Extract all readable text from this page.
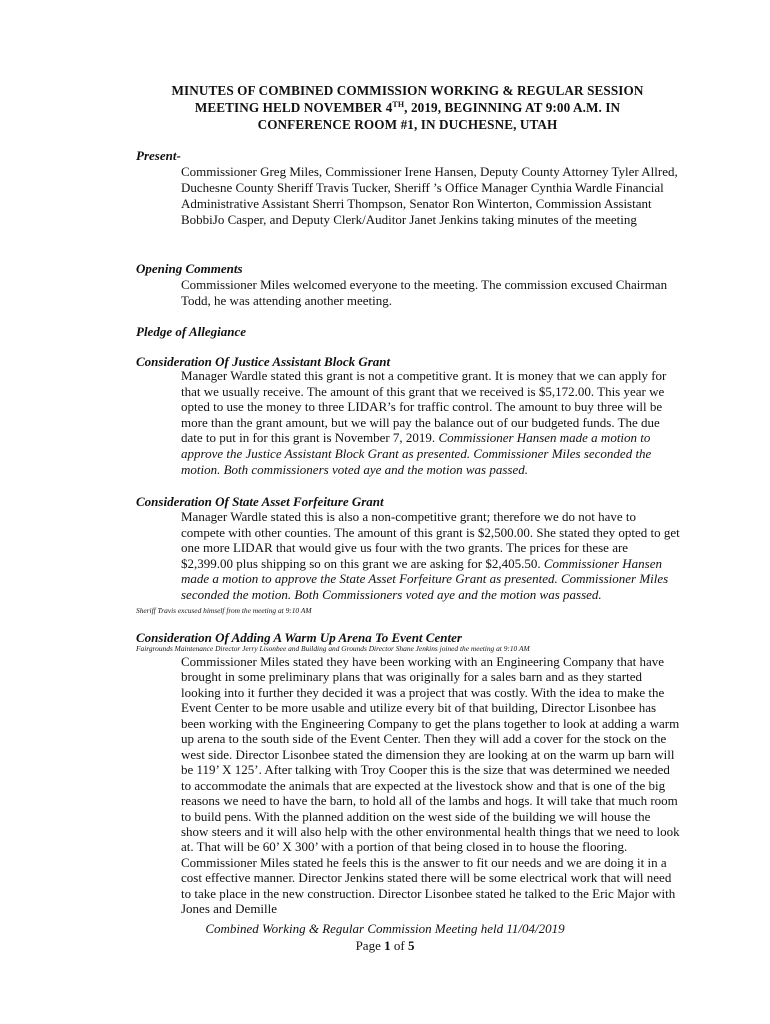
MINUTES OF COMBINED COMMISSION WORKING & REGULAR SESSION
MEETING HELD NOVEMBER 4TH, 2019, BEGINNING AT 9:00 A.M. IN
CONFERENCE ROOM #1, IN DUCHESNE, UTAH
Present-
Commissioner Greg Miles, Commissioner Irene Hansen, Deputy County Attorney Tyler Allred, Duchesne County Sheriff Travis Tucker, Sheriff ’s Office Manager Cynthia Wardle Financial Administrative Assistant Sherri Thompson, Senator Ron Winterton, Commission Assistant BobbiJo Casper, and Deputy Clerk/Auditor Janet Jenkins taking minutes of the meeting
Opening Comments
Commissioner Miles welcomed everyone to the meeting. The commission excused Chairman Todd, he was attending another meeting.
Pledge of Allegiance
Consideration Of Justice Assistant Block Grant
Manager Wardle stated this grant is not a competitive grant. It is money that we can apply for that we usually receive. The amount of this grant that we received is $5,172.00. This year we opted to use the money to three LIDAR’s for traffic control. The amount to buy three will be more than the grant amount, but we will pay the balance out of our budgeted funds. The due date to put in for this grant is November 7, 2019. Commissioner Hansen made a motion to approve the Justice Assistant Block Grant as presented. Commissioner Miles seconded the motion. Both commissioners voted aye and the motion was passed.
Consideration Of State Asset Forfeiture Grant
Manager Wardle stated this is also a non-competitive grant; therefore we do not have to compete with other counties. The amount of this grant is $2,500.00. She stated they opted to get one more LIDAR that would give us four with the two grants. The prices for these are $2,399.00 plus shipping so on this grant we are asking for $2,405.50. Commissioner Hansen made a motion to approve the State Asset Forfeiture Grant as presented. Commissioner Miles seconded the motion. Both Commissioners voted aye and the motion was passed.
Sheriff Travis excused himself from the meeting at 9:10 AM
Consideration Of Adding A Warm Up Arena To Event Center
Fairgrounds Maintenance Director Jerry Lisonbee and Building and Grounds Director Shane Jenkins joined the meeting at 9:10 AM
Commissioner Miles stated they have been working with an Engineering Company that have brought in some preliminary plans that was originally for a sales barn and as they started looking into it further they decided it was a project that was costly. With the idea to make the Event Center to be more usable and utilize every bit of that building, Director Lisonbee has been working with the Engineering Company to get the plans together to look at adding a warm up arena to the south side of the Event Center. Then they will add a cover for the stock on the west side. Director Lisonbee stated the dimension they are looking at on the warm up barn will be 119’ X 125’. After talking with Troy Cooper this is the size that was determined we needed to accommodate the animals that are expected at the livestock show and that is one of the big reasons we need to have the barn, to hold all of the lambs and hogs. It will take that much room to build pens. With the planned addition on the west side of the building we will house the show steers and it will also help with the other environmental health things that we need to look at. That will be 60’ X 300’ with a portion of that being closed in to house the flooring. Commissioner Miles stated he feels this is the answer to fit our needs and we are doing it in a cost effective manner. Director Jenkins stated there will be some electrical work that will need to take place in the new construction. Director Lisonbee stated he talked to the Eric Major with Jones and Demille
Combined Working & Regular Commission Meeting held 11/04/2019
Page 1 of 5
